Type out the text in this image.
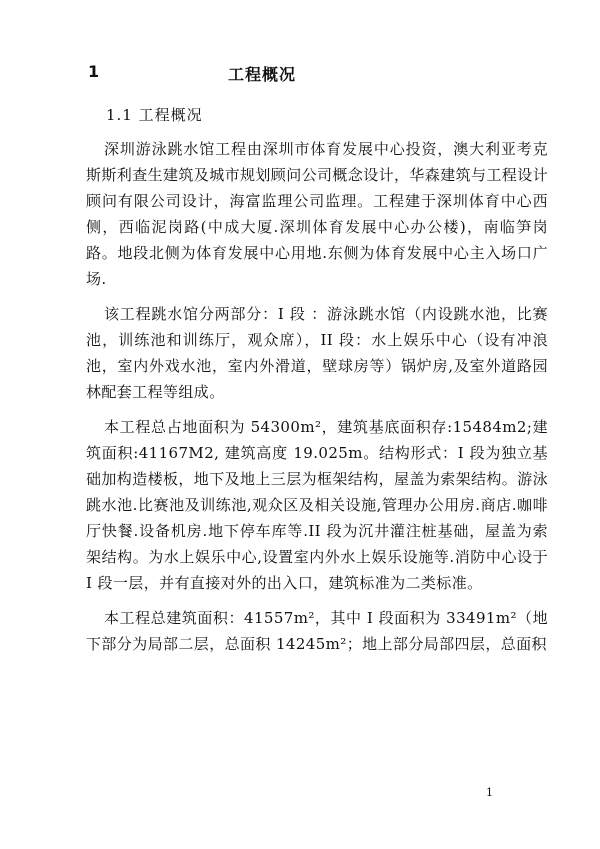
1	工程概况
1.1 工程概况

深圳游泳跳水馆工程由深圳市体育发展中心投资，澳大利亚考克斯斯利查生建筑及城市规划顾问公司概念设计，华森建筑与工程设计顾问有限公司设计，海富监理公司监理。工程建于深圳体育中心西侧，西临泥岗路(中成大厦.深圳体育发展中心办公楼)，南临笋岗路。地段北侧为体育发展中心用地.东侧为体育发展中心主入场口广场.

该工程跳水馆分两部分：I 段 ：游泳跳水馆（内设跳水池，比赛池，训练池和训练厅，观众席），II 段：水上娱乐中心（设有冲浪池，室内外戏水池，室内外滑道，壁球房等）锅炉房,及室外道路园林配套工程等组成。

本工程总占地面积为 54300m²，建筑基底面积存:15484m2;建筑面积:41167M2, 建筑高度 19.025m。结构形式：I 段为独立基础加构造楼板，地下及地上三层为框架结构，屋盖为索架结构。游泳跳水池.比赛池及训练池,观众区及相关设施,管理办公用房.商店.咖啡厅快餐.设备机房.地下停车库等.II 段为沉井灌注桩基础，屋盖为索架结构。为水上娱乐中心,设置室内外水上娱乐设施等.消防中心设于 I 段一层，并有直接对外的出入口，建筑标准为二类标准。

本工程总建筑面积：41557m²，其中 I 段面积为 33491m²（地下部分为局部二层，总面积 14245m²；地上部分局部四层，总面积

1
